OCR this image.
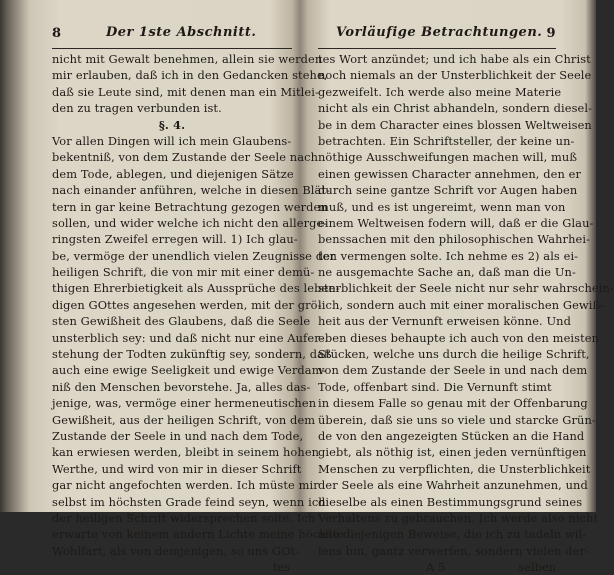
8	Der 1ste Abschnitt.
nicht mit Gewalt benehmen, allein sie werden
mir erlauben, daß ich in den Gedancken stehe,
daß sie Leute sind, mit denen man ein Mitlei-
den zu tragen verbunden ist.
§. 4.
Vor allen Dingen will ich mein Glaubens-
bekentniß, von dem Zustande der Seele nach
dem Tode, ablegen, und diejenigen Sätze
nach einander anführen, welche in diesen Blät-
tern in gar keine Betrachtung gezogen werden
sollen, und wider welche ich nicht den allerge-
ringsten Zweifel erregen will. 1) Ich glau-
be, vermöge der unendlich vielen Zeugnisse der
heiligen Schrift, die von mir mit einer demü-
thigen Ehrerbietigkeit als Aussprüche des leben-
digen GOttes angesehen werden, mit der grö-
sten Gewißheit des Glaubens, daß die Seele
unsterblich sey: und daß nicht nur eine Aufer-
stehung der Todten zukünftig sey, sondern, daß
auch eine ewige Seeligkeit und ewige Verdam-
niß den Menschen bevorstehe. Ja, alles das-
jenige, was, vermöge einer hermeneutischen
Gewißheit, aus der heiligen Schrift, von dem
Zustande der Seele in und nach dem Tode,
kan erwiesen werden, bleibt in seinem hohen
Werthe, und wird von mir in dieser Schrift
gar nicht angefochten werden. Ich müste mir
selbst im höchsten Grade feind seyn, wenn ich
der heiligen Schrift widersprechen solte. Ich
erwarte von keinem andern Lichte meine höchste
Wohlfart, als von demjenigen, so uns GOt-
tes
Vorläufige Betrachtungen. 9
tes Wort anzündet; und ich habe als ein Christ
noch niemals an der Unsterblichkeit der Seele
gezweifelt. Ich werde also meine Materie
nicht als ein Christ abhandeln, sondern diesel-
be in dem Character eines blossen Weltweisen
betrachten. Ein Schriftsteller, der keine un-
nöthige Ausschweifungen machen will, muß
einen gewissen Character annehmen, den er
durch seine gantze Schrift vor Augen haben
muß, und es ist ungereimt, wenn man von
einem Weltweisen fodern will, daß er die Glau-
benssachen mit den philosophischen Wahrhei-
ten vermengen solte. Ich nehme es 2) als ei-
ne ausgemachte Sache an, daß man die Un-
sterblichkeit der Seele nicht nur sehr wahrschein-
lich, sondern auch mit einer moralischen Gewiß-
heit aus der Vernunft erweisen könne. Und
eben dieses behaupte ich auch von den meisten
Stücken, welche uns durch die heilige Schrift,
von dem Zustande der Seele in und nach dem
Tode, offenbart sind. Die Vernunft stimt
in diesem Falle so genau mit der Offenbarung
überein, daß sie uns so viele und starcke Grün-
de von den angezeigten Stücken an die Hand
giebt, als nöthig ist, einen jeden vernünftigen
Menschen zu verpflichten, die Unsterblichkeit
der Seele als eine Wahrheit anzunehmen, und
dieselbe als einen Bestimmungsgrund seines
Verhaltens zu gebrauchen. Ich werde also nicht
alle diejenigen Beweise, die ich zu tadeln wil-
lens bin, gantz verwerfen, sondern vielen der-
A 5	selben
